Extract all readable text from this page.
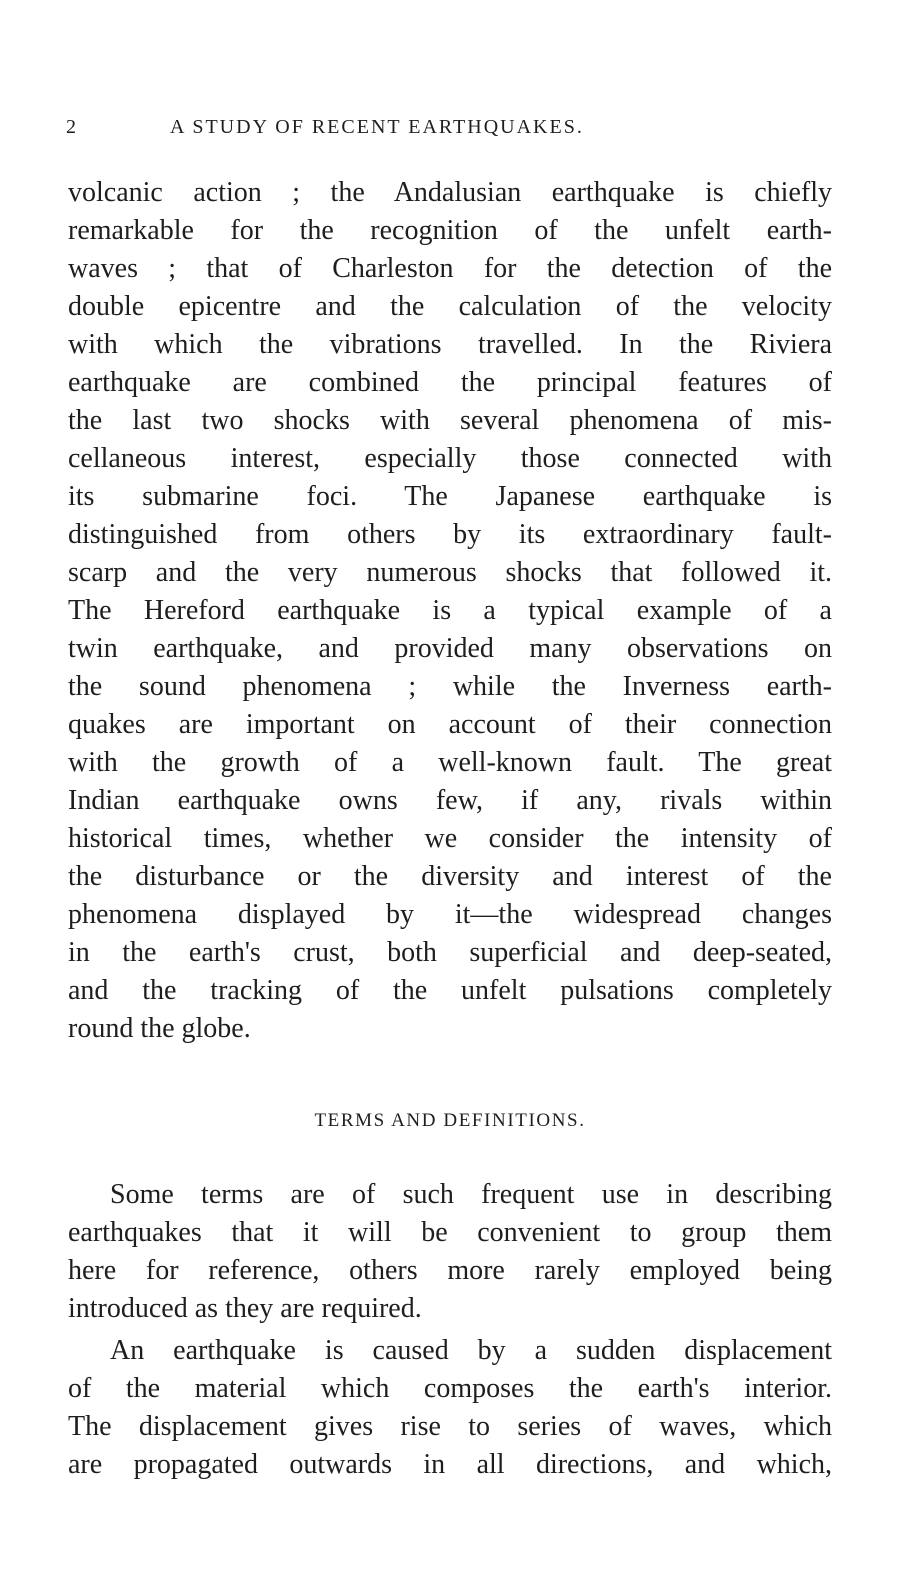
2	A STUDY OF RECENT EARTHQUAKES.
volcanic action ; the Andalusian earthquake is chiefly
remarkable for the recognition of the unfelt earth-
waves ; that of Charleston for the detection of the
double epicentre and the calculation of the velocity
with which the vibrations travelled. In the Riviera
earthquake are combined the principal features of
the last two shocks with several phenomena of mis-
cellaneous interest, especially those connected with
its submarine foci. The Japanese earthquake is
distinguished from others by its extraordinary fault-
scarp and the very numerous shocks that followed it.
The Hereford earthquake is a typical example of a
twin earthquake, and provided many observations on
the sound phenomena ; while the Inverness earth-
quakes are important on account of their connection
with the growth of a well-known fault. The great
Indian earthquake owns few, if any, rivals within
historical times, whether we consider the intensity of
the disturbance or the diversity and interest of the
phenomena displayed by it—the widespread changes
in the earth's crust, both superficial and deep-seated,
and the tracking of the unfelt pulsations completely
round the globe.
TERMS AND DEFINITIONS.
Some terms are of such frequent use in describing
earthquakes that it will be convenient to group them
here for reference, others more rarely employed being
introduced as they are required.
An earthquake is caused by a sudden displacement
of the material which composes the earth's interior.
The displacement gives rise to series of waves, which
are propagated outwards in all directions, and which,
